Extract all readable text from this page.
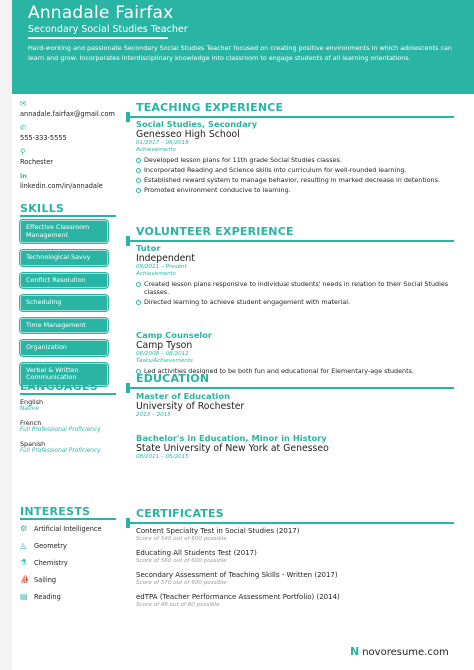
Annadale Fairfax
Secondary Social Studies Teacher
Hard-working and passionate Secondary Social Studies Teacher focused on creating positive environments in which adolescents can learn and grow. Incorporates interdisciplinary knowledge into classroom to engage students of all learning orientations.
✉
annadale.fairfax@gmail.com
✆
555-333-5555
⚲
Rochester
in
linkedin.com/in/annadale
SKILLS
Effective Classroom Management
Technological Savvy
Conflict Resolution
Scheduling
Time Management
Organization
Verbal & Written Communication
LANGUAGES
English
Native
French
Full Professional Proficiency
Spanish
Full Professional Proficiency
INTERESTS
⚙ Artificial Intelligence
◬ Geometry
⚗ Chemistry
⛵ Sailing
▤ Reading
TEACHING EXPERIENCE
Social Studies, Secondary
Genesseo High School
01/2017 – 06/2018
Achievements
Developed lesson plans for 11th grade Social Studies classes.
Incorporated Reading and Science skills into curriculum for well-rounded learning.
Established reward system to manage behavior, resulting in marked decrease in detentions.
Promoted environment conducive to learning.
VOLUNTEER EXPERIENCE
Tutor
Independent
09/2011 – Present
Achievements
Created lesson plans responsive to individual students' needs in relation to their Social Studies classes.
Directed learning to achieve student engagement with material.
Camp Counselor
Camp Tyson
06/2008 – 08/2012
Tasks/Achievements
Led activities designed to be both fun and educational for Elementary-age students.
EDUCATION
Master of Education
University of Rochester
2013 – 2015
Bachelor's in Education, Minor in History
State University of New York at Genesseo
08/2011 – 05/2015
CERTIFICATES
Content Specialty Test in Social Studies (2017)
Score of 540 out of 600 possible
Educating All Students Test (2017)
Score of 560 out of 600 possible
Secondary Assessment of Teaching Skills - Written (2017)
Score of 570 out of 600 possible
edTPA (Teacher Performance Assessment Portfolio) (2014)
Score of 48 out of 60 possible
N novoresume.com
